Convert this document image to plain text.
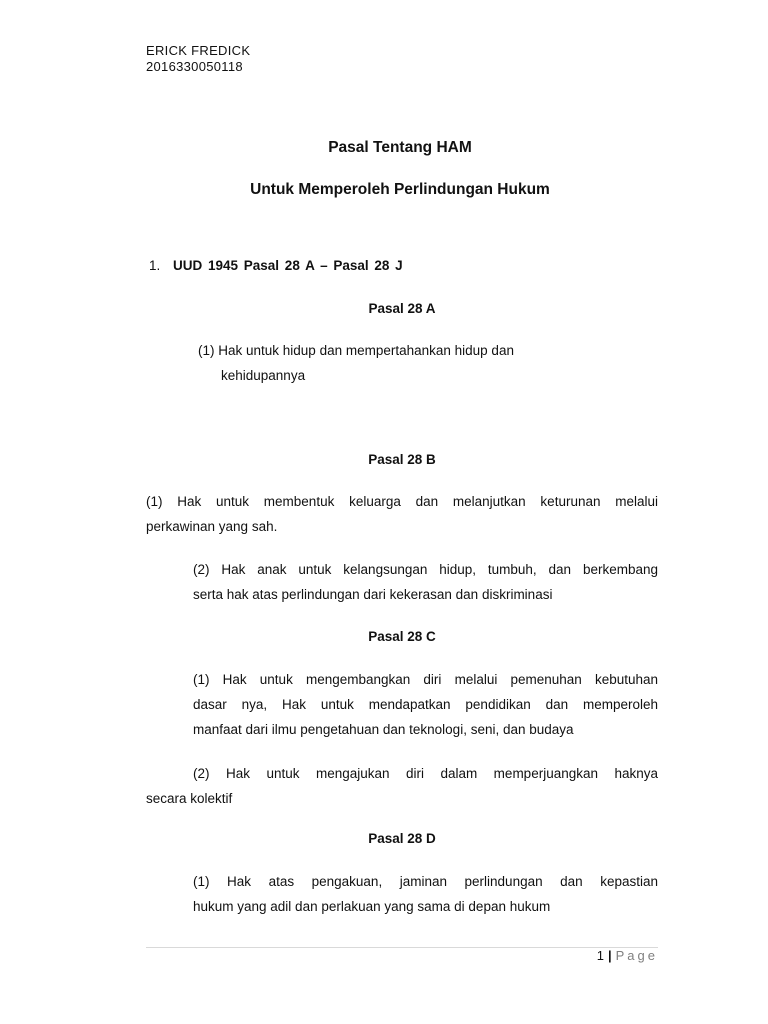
ERICK FREDICK
2016330050118
Pasal Tentang HAM
Untuk Memperoleh Perlindungan Hukum
1. UUD 1945 Pasal 28 A – Pasal 28 J
Pasal 28 A
(1) Hak untuk hidup dan mempertahankan hidup dan
kehidupannya
Pasal 28 B
(1) Hak untuk membentuk keluarga dan melanjutkan keturunan melalui
perkawinan yang sah.
(2) Hak anak untuk kelangsungan hidup, tumbuh, dan berkembang
serta hak atas perlindungan dari kekerasan dan diskriminasi
Pasal 28 C
(1) Hak untuk mengembangkan diri melalui pemenuhan kebutuhan
dasar nya, Hak untuk mendapatkan pendidikan dan memperoleh
manfaat dari ilmu pengetahuan dan teknologi, seni, dan budaya
(2) Hak untuk mengajukan diri dalam memperjuangkan haknya
secara kolektif
Pasal 28 D
(1) Hak atas pengakuan, jaminan perlindungan dan kepastian
hukum yang adil dan perlakuan yang sama di depan hukum
1 | Page
